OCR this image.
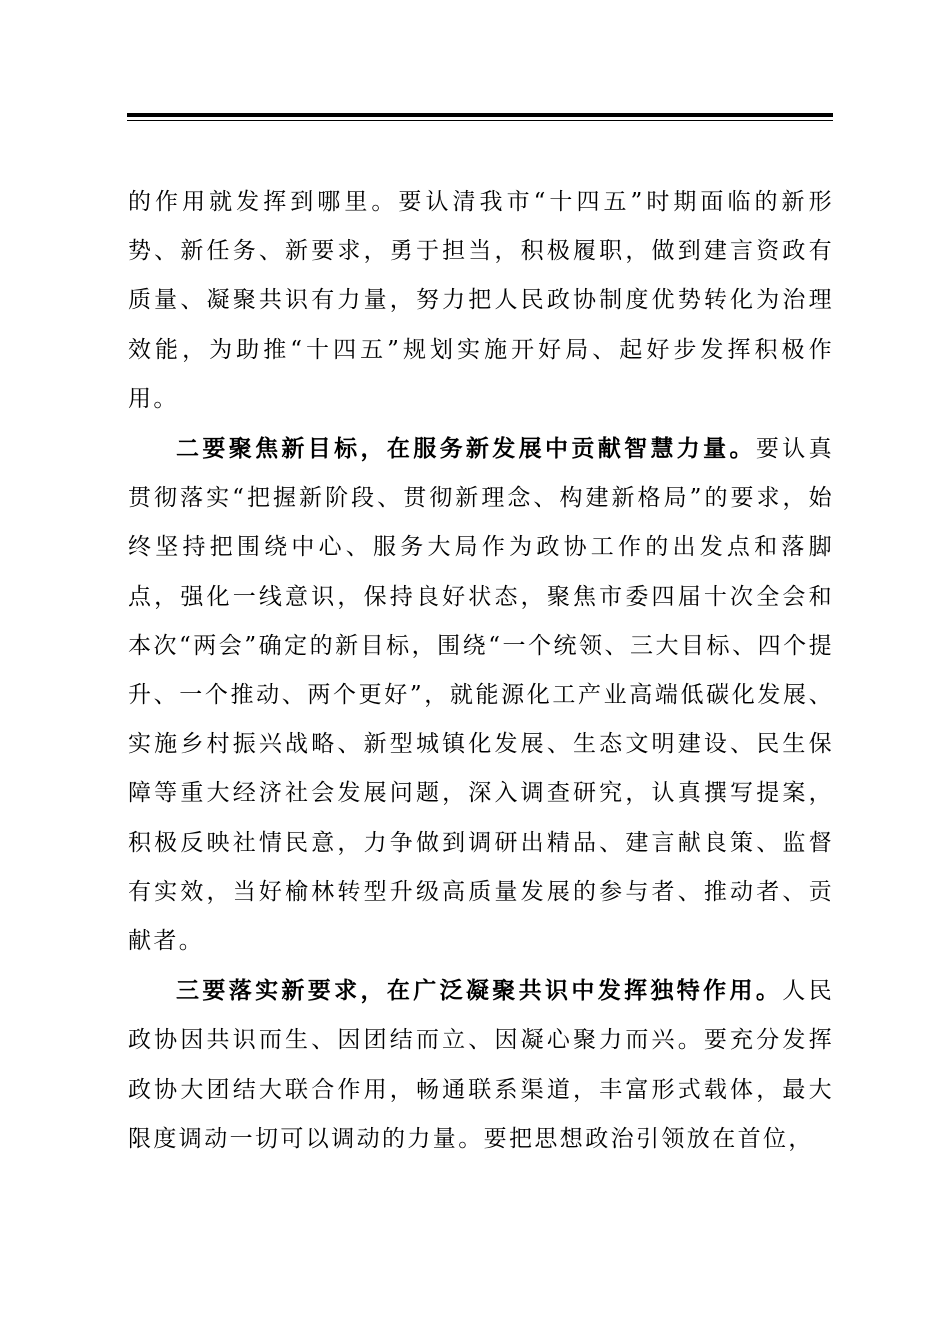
的作用就发挥到哪里。要认清我市“十四五”时期面临的新形势、新任务、新要求，勇于担当，积极履职，做到建言资政有质量、凝聚共识有力量，努力把人民政协制度优势转化为治理效能，为助推“十四五”规划实施开好局、起好步发挥积极作用。

二要聚焦新目标，在服务新发展中贡献智慧力量。要认真贯彻落实“把握新阶段、贯彻新理念、构建新格局”的要求，始终坚持把围绕中心、服务大局作为政协工作的出发点和落脚点，强化一线意识，保持良好状态，聚焦市委四届十次全会和本次“两会”确定的新目标，围绕“一个统领、三大目标、四个提升、一个推动、两个更好”，就能源化工产业高端低碳化发展、实施乡村振兴战略、新型城镇化发展、生态文明建设、民生保障等重大经济社会发展问题，深入调查研究，认真撰写提案，积极反映社情民意，力争做到调研出精品、建言献良策、监督有实效，当好榆林转型升级高质量发展的参与者、推动者、贡献者。

三要落实新要求，在广泛凝聚共识中发挥独特作用。人民政协因共识而生、因团结而立、因凝心聚力而兴。要充分发挥政协大团结大联合作用，畅通联系渠道，丰富形式载体，最大限度调动一切可以调动的力量。要把思想政治引领放在首位，
